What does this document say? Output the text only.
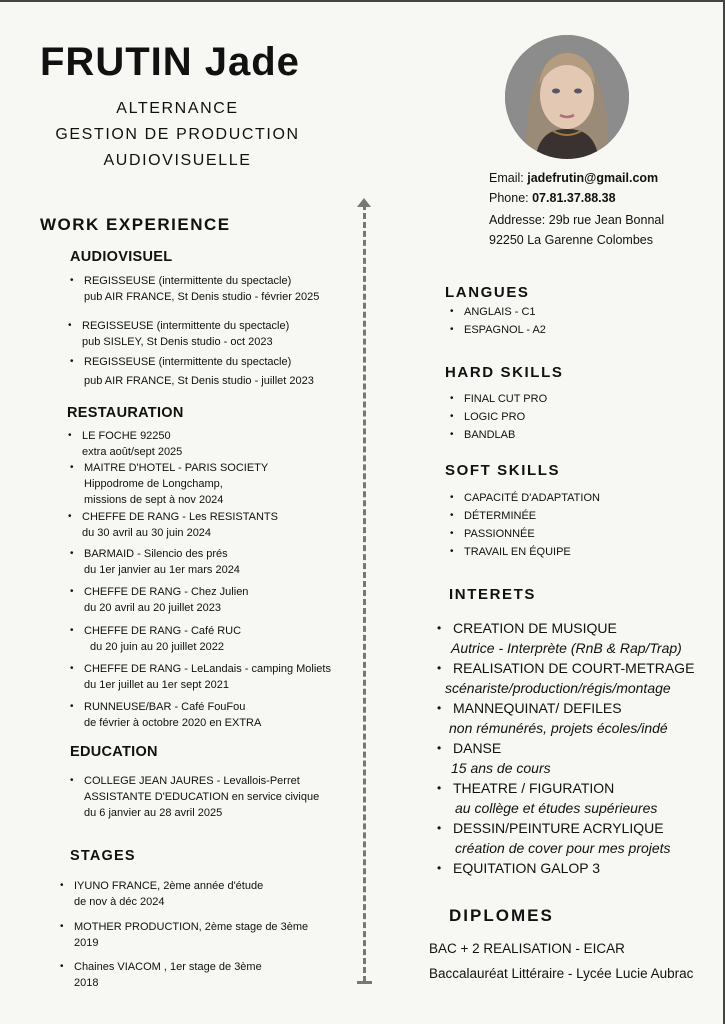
FRUTIN Jade
ALTERNANCE
GESTION DE PRODUCTION
AUDIOVISUELLE
Email: jadefrutin@gmail.com
Phone: 07.81.37.88.38
Addresse: 29b rue Jean Bonnal
92250 La Garenne Colombes
WORK EXPERIENCE
AUDIOVISUEL
• REGISSEUSE (intermittente du spectacle)
pub AIR FRANCE, St Denis studio - février 2025
• REGISSEUSE (intermittente du spectacle)
pub SISLEY, St Denis studio - oct 2023
• REGISSEUSE (intermittente du spectacle)
pub AIR FRANCE, St Denis studio - juillet 2023
RESTAURATION
• LE FOCHE 92250
extra août/sept 2025
• MAITRE D'HOTEL - PARIS SOCIETY
Hippodrome de Longchamp,
missions de sept à nov 2024
• CHEFFE DE RANG - Les RESISTANTS
du 30 avril au 30 juin 2024
• BARMAID - Silencio des prés
du 1er janvier au 1er mars 2024
• CHEFFE DE RANG - Chez Julien
du 20 avril au 20 juillet 2023
• CHEFFE DE RANG - Café RUC
du 20 juin au 20 juillet 2022
• CHEFFE DE RANG - LeLandais - camping Moliets
du 1er juillet au 1er sept 2021
• RUNNEUSE/BAR - Café FouFou
de février à octobre 2020 en EXTRA
EDUCATION
• COLLEGE JEAN JAURES - Levallois-Perret
ASSISTANTE D'EDUCATION en service civique
du 6 janvier au 28 avril 2025
STAGES
• IYUNO FRANCE, 2ème année d'étude
de nov à déc 2024
• MOTHER PRODUCTION, 2ème stage de 3ème
2019
• Chaines VIACOM , 1er stage de 3ème
2018
LANGUES
• ANGLAIS - C1
• ESPAGNOL - A2
HARD SKILLS
• FINAL CUT PRO
• LOGIC PRO
• BANDLAB
SOFT SKILLS
• CAPACITÉ D'ADAPTATION
• DÉTERMINÉE
• PASSIONNÉE
• TRAVAIL EN ÉQUIPE
INTERETS
• CREATION DE MUSIQUE
Autrice - Interprète (RnB & Rap/Trap)
• REALISATION DE COURT-METRAGE
scénariste/production/régis/montage
• MANNEQUINAT/ DEFILES
non rémunérés, projets écoles/indé
• DANSE
15 ans de cours
• THEATRE / FIGURATION
au collège et études supérieures
• DESSIN/PEINTURE ACRYLIQUE
création de cover pour mes projets
• EQUITATION GALOP 3
DIPLOMES
BAC + 2 REALISATION - EICAR
Baccalauréat Littéraire - Lycée Lucie Aubrac
